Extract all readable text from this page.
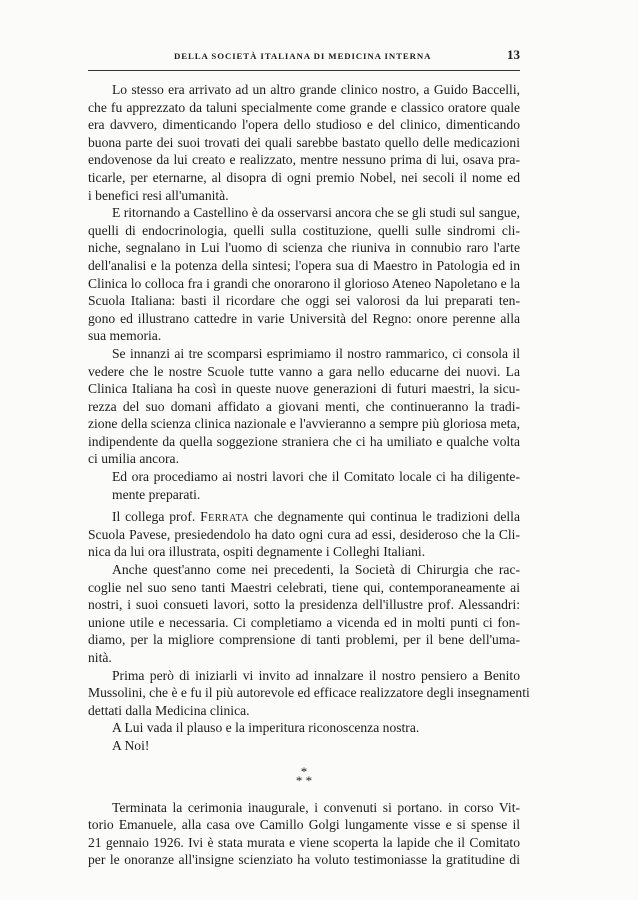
DELLA SOCIETÀ ITALIANA DI MEDICINA INTERNA	13
Lo stesso era arrivato ad un altro grande clinico nostro, a Guido Baccelli,
che fu apprezzato da taluni specialmente come grande e classico oratore quale
era davvero, dimenticando l'opera dello studioso e del clinico, dimenticando
buona parte dei suoi trovati dei quali sarebbe bastato quello delle medicazioni
endovenose da lui creato e realizzato, mentre nessuno prima di lui, osava pra-
ticarle, per eternarne, al disopra di ogni premio Nobel, nei secoli il nome ed
i benefici resi all'umanità.
E ritornando a Castellino è da osservarsi ancora che se gli studi sul sangue,
quelli di endocrinologia, quelli sulla costituzione, quelli sulle sindromi cli-
niche, segnalano in Lui l'uomo di scienza che riuniva in connubio raro l'arte
dell'analisi e la potenza della sintesi; l'opera sua di Maestro in Patologia ed in
Clinica lo colloca fra i grandi che onorarono il glorioso Ateneo Napoletano e la
Scuola Italiana: basti il ricordare che oggi sei valorosi da lui preparati ten-
gono ed illustrano cattedre in varie Università del Regno: onore perenne alla
sua memoria.
Se innanzi ai tre scomparsi esprimiamo il nostro rammarico, ci consola il
vedere che le nostre Scuole tutte vanno a gara nello educarne dei nuovi. La
Clinica Italiana ha così in queste nuove generazioni di futuri maestri, la sicu-
rezza del suo domani affidato a giovani menti, che continueranno la tradi-
zione della scienza clinica nazionale e l'avvieranno a sempre più gloriosa meta,
indipendente da quella soggezione straniera che ci ha umiliato e qualche volta
ci umilia ancora.
Ed ora procediamo ai nostri lavori che il Comitato locale ci ha diligente-
mente preparati.
Il collega prof. Ferrata che degnamente qui continua le tradizioni della
Scuola Pavese, presiedendolo ha dato ogni cura ad essi, desideroso che la Cli-
nica da lui ora illustrata, ospiti degnamente i Colleghi Italiani.
Anche quest'anno come nei precedenti, la Società di Chirurgia che rac-
coglie nel suo seno tanti Maestri celebrati, tiene qui, contemporaneamente ai
nostri, i suoi consueti lavori, sotto la presidenza dell'illustre prof. Alessandri:
unione utile e necessaria. Ci completiamo a vicenda ed in molti punti ci fon-
diamo, per la migliore comprensione di tanti problemi, per il bene dell'uma-
nità.
Prima però di iniziarli vi invito ad innalzare il nostro pensiero a Benito
Mussolini, che è e fu il più autorevole ed efficace realizzatore degli insegnamenti
dettati dalla Medicina clinica.
A Lui vada il plauso e la imperitura riconoscenza nostra.
A Noi!
*
* *
Terminata la cerimonia inaugurale, i convenuti si portano. in corso Vit-
torio Emanuele, alla casa ove Camillo Golgi lungamente visse e si spense il
21 gennaio 1926. Ivi è stata murata e viene scoperta la lapide che il Comitato
per le onoranze all'insigne scienziato ha voluto testimoniasse la gratitudine di
